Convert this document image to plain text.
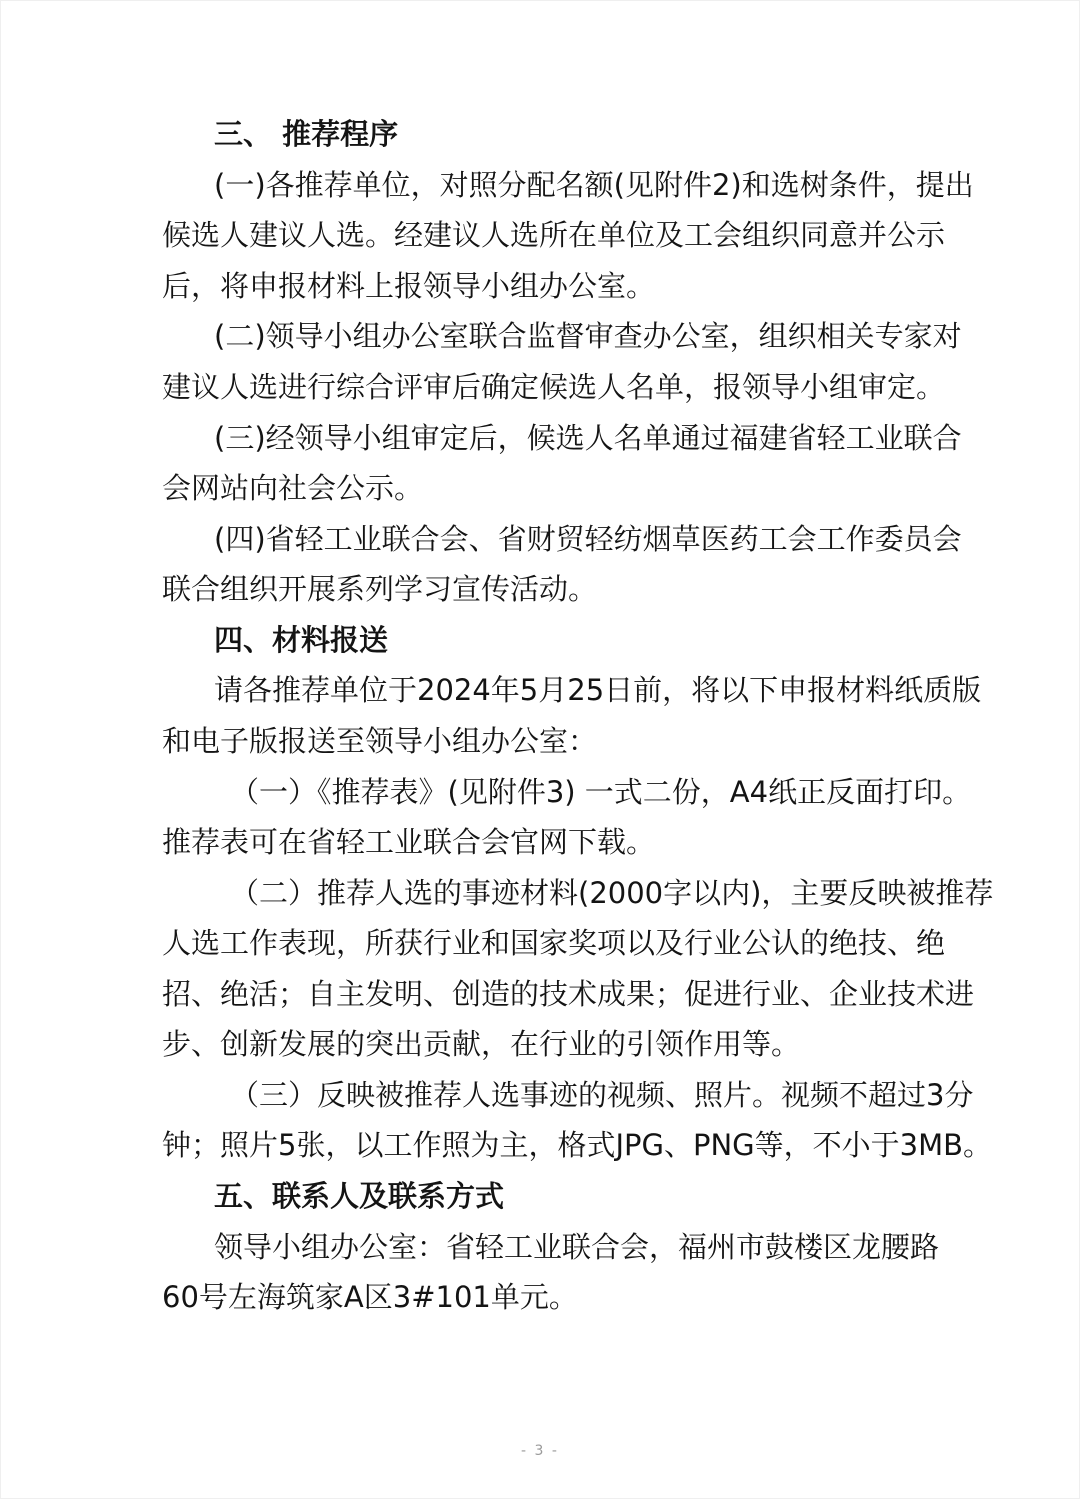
三、 推荐程序
(一)各推荐单位，对照分配名额(见附件2)和选树条件，提出
候选人建议人选。经建议人选所在单位及工会组织同意并公示
后，将申报材料上报领导小组办公室。
(二)领导小组办公室联合监督审查办公室，组织相关专家对
建议人选进行综合评审后确定候选人名单，报领导小组审定。
(三)经领导小组审定后，候选人名单通过福建省轻工业联合
会网站向社会公示。
(四)省轻工业联合会、省财贸轻纺烟草医药工会工作委员会
联合组织开展系列学习宣传活动。
四、材料报送
请各推荐单位于2024年5月25日前，将以下申报材料纸质版
和电子版报送至领导小组办公室：
（一）《推荐表》(见附件3) 一式二份，A4纸正反面打印。
推荐表可在省轻工业联合会官网下载。
（二）推荐人选的事迹材料(2000字以内)，主要反映被推荐
人选工作表现，所获行业和国家奖项以及行业公认的绝技、绝
招、绝活；自主发明、创造的技术成果；促进行业、企业技术进
步、创新发展的突出贡献，在行业的引领作用等。
（三）反映被推荐人选事迹的视频、照片。视频不超过3分
钟；照片5张，以工作照为主，格式JPG、PNG等，不小于3MB。
五、联系人及联系方式
领导小组办公室：省轻工业联合会，福州市鼓楼区龙腰路
60号左海筑家A区3#101单元。
- 3 -
